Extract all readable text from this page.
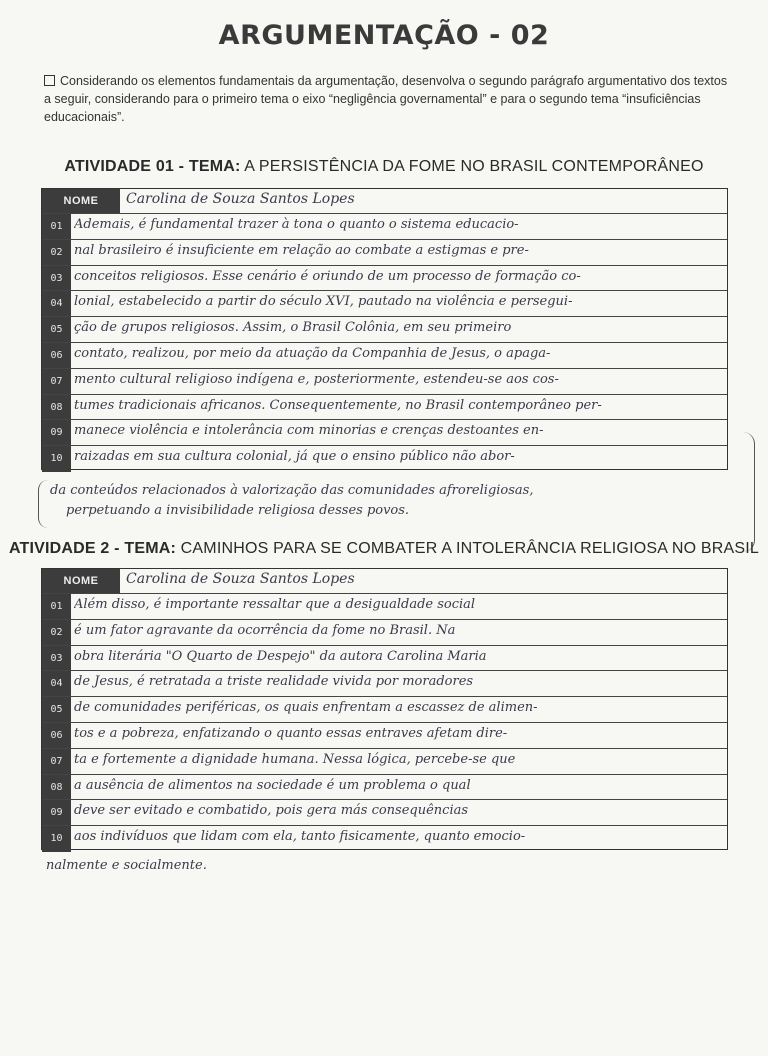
ARGUMENTAÇÃO - 02
Considerando os elementos fundamentais da argumentação, desenvolva o segundo parágrafo argumentativo dos textos a seguir, considerando para o primeiro tema o eixo “negligência governamental” e para o segundo tema “insuficiências educacionais”.
ATIVIDADE 01 - TEMA: A PERSISTÊNCIA DA FOME NO BRASIL CONTEMPORÂNEO
NOME	Carolina de Souza Santos Lopes
01 Ademais, é fundamental trazer à tona o quanto o sistema educacio-
02 nal brasileiro é insuficiente em relação ao combate a estigmas e pre-
03 conceitos religiosos. Esse cenário é oriundo de um processo de formação co-
04 lonial, estabelecido a partir do século XVI, pautado na violência e persegui-
05 ção de grupos religiosos. Assim, o Brasil Colônia, em seu primeiro
06 contato, realizou, por meio da atuação da Companhia de Jesus, o apaga-
07 mento cultural religioso indígena e, posteriormente, estendeu-se aos cos-
08 tumes tradicionais africanos. Consequentemente, no Brasil contemporâneo per-
09 manece violência e intolerância com minorias e crenças destoantes en-
10 raizadas em sua cultura colonial, já que o ensino público não abor-
da conteúdos relacionados à valorização das comunidades afroreligiosas,
perpetuando a invisibilidade religiosa desses povos.
ATIVIDADE 2 - TEMA: CAMINHOS PARA SE COMBATER A INTOLERÂNCIA RELIGIOSA NO BRASIL
NOME	Carolina de Souza Santos Lopes
01 Além disso, é importante ressaltar que a desigualdade social
02 é um fator agravante da ocorrência da fome no Brasil. Na
03 obra literária "O Quarto de Despejo" da autora Carolina Maria
04 de Jesus, é retratada a triste realidade vivida por moradores
05 de comunidades periféricas, os quais enfrentam a escassez de alimen-
06 tos e a pobreza, enfatizando o quanto essas entraves afetam dire-
07 ta e fortemente a dignidade humana. Nessa lógica, percebe-se que
08 a ausência de alimentos na sociedade é um problema o qual
09 deve ser evitado e combatido, pois gera más consequências
10 aos indivíduos que lidam com ela, tanto fisicamente, quanto emocio-
nalmente e socialmente.
